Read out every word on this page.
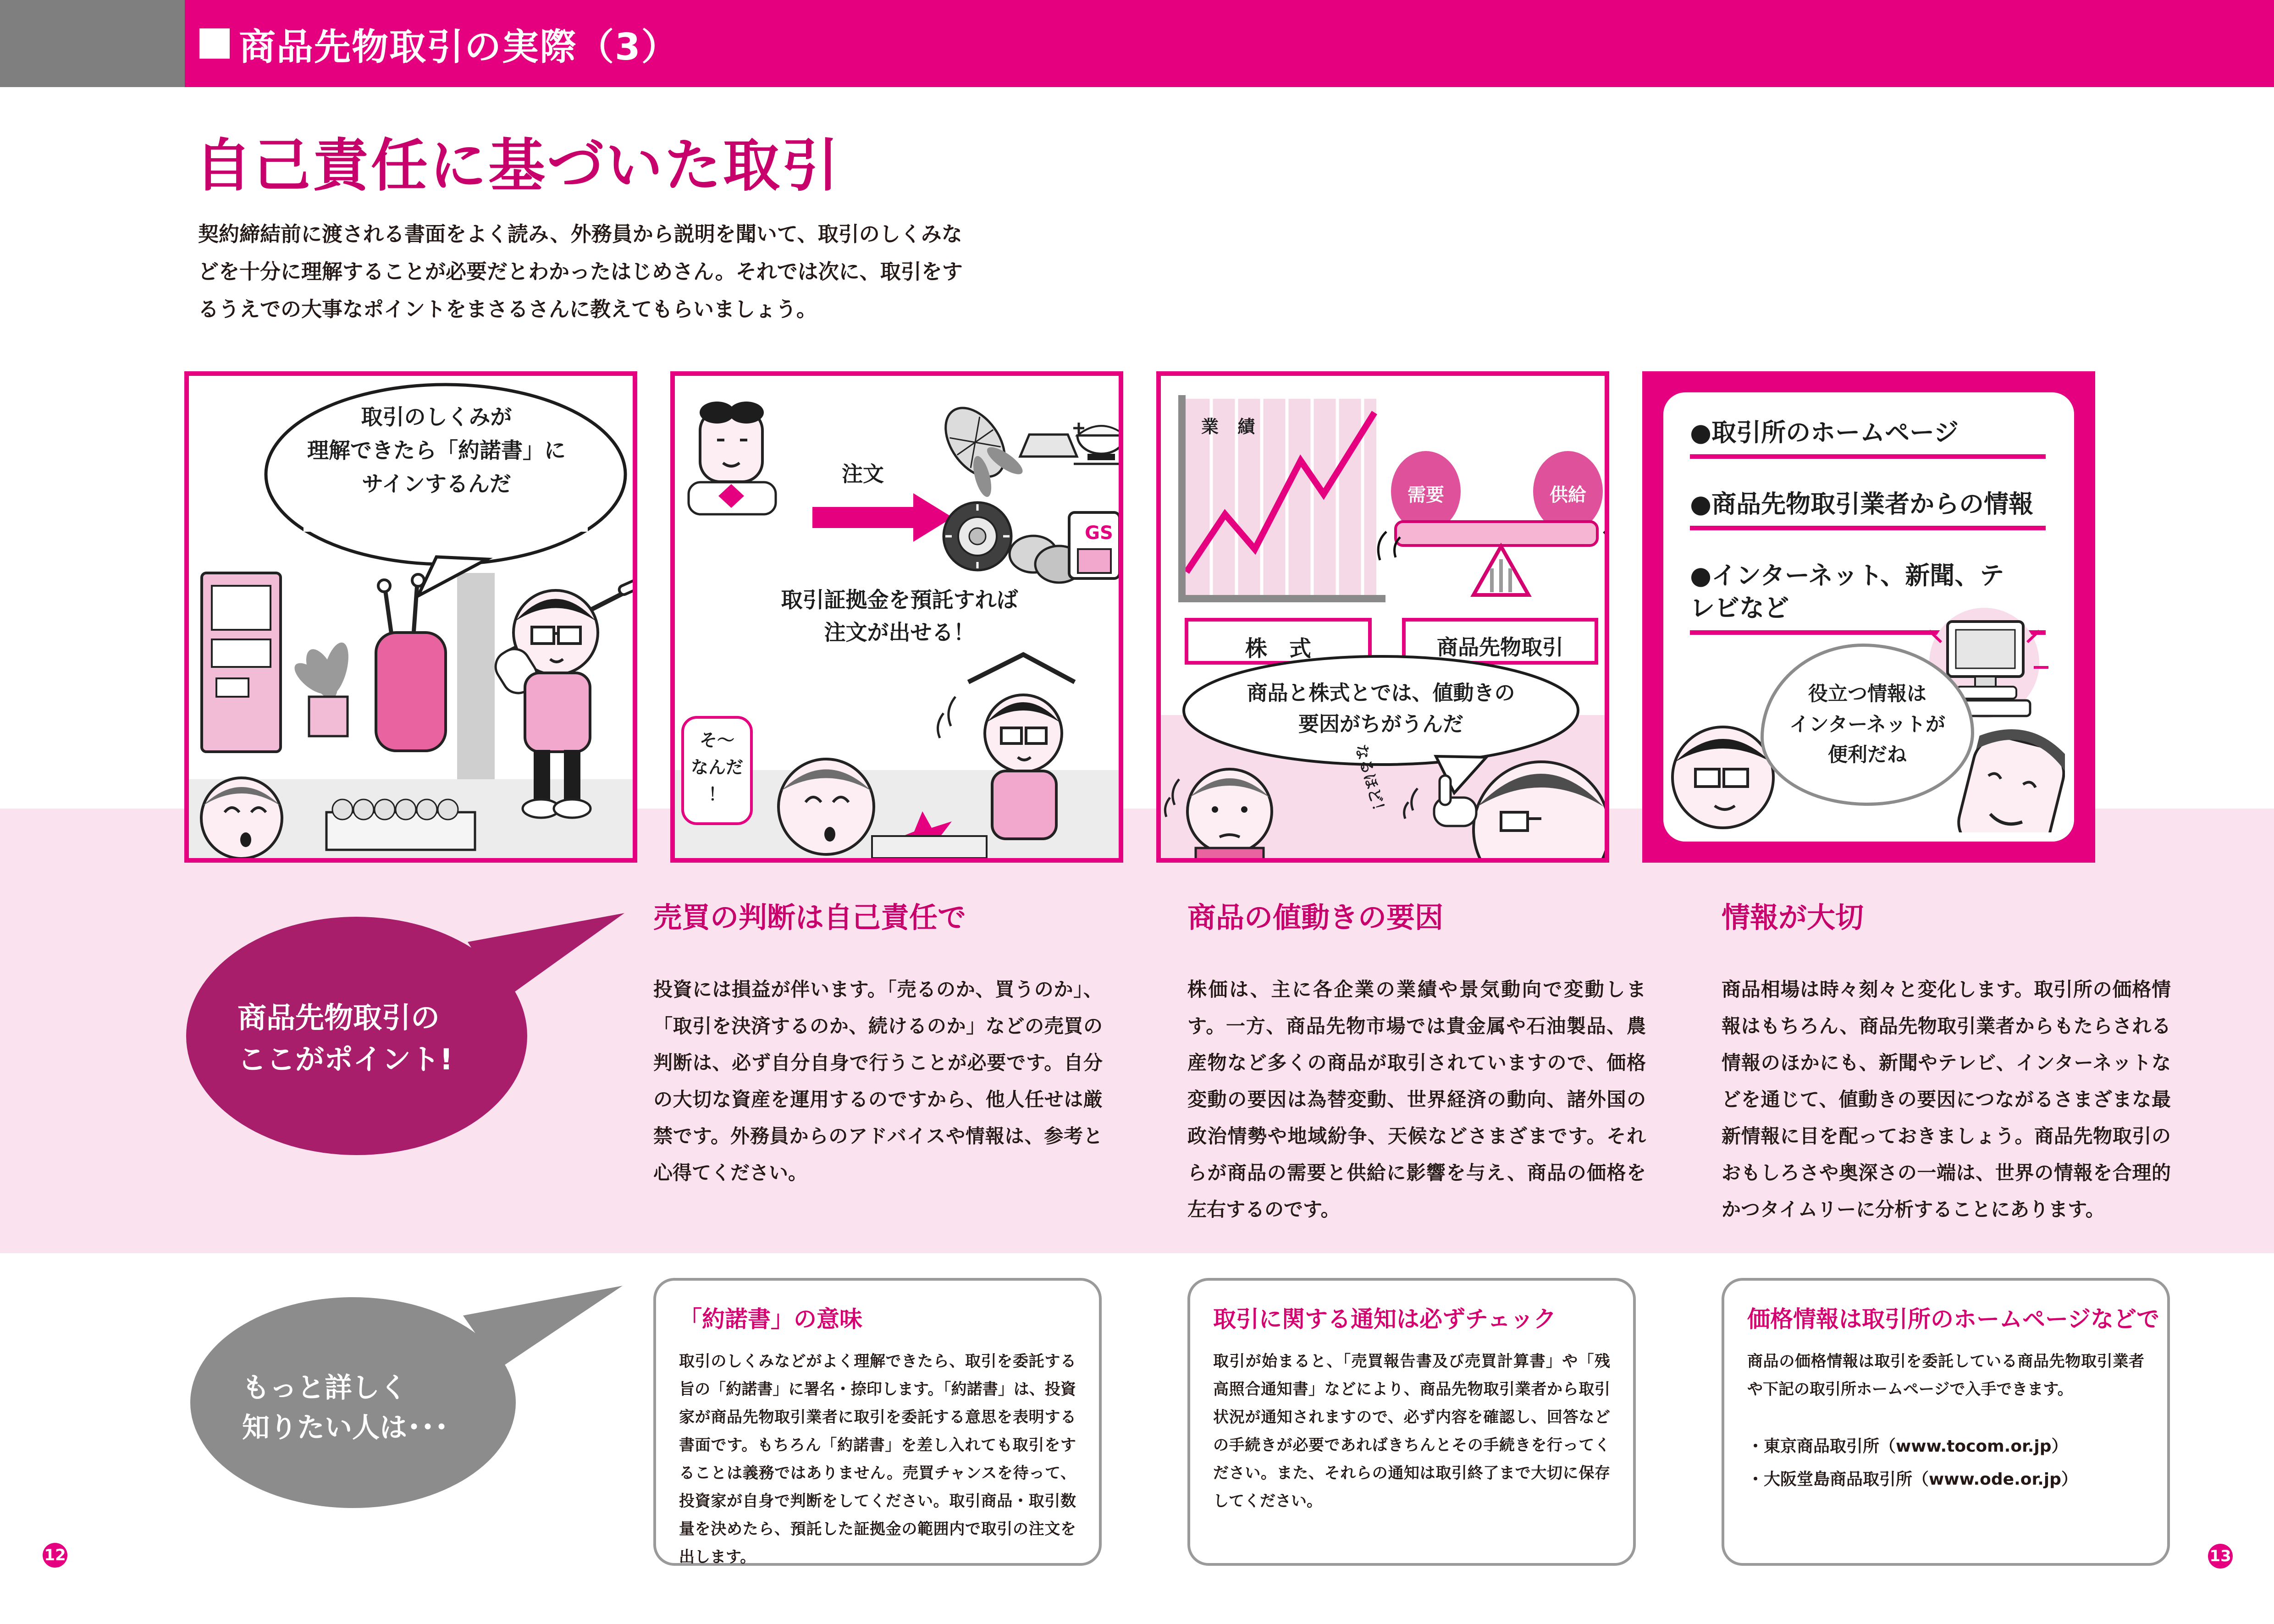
商品先物取引の実際（3）
自己責任に基づいた取引
契約締結前に渡される書面をよく読み、外務員から説明を聞いて、取引のしくみな
どを十分に理解することが必要だとわかったはじめさん。それでは次に、取引をす
るうえでの大事なポイントをまさるさんに教えてもらいましょう。
取引のしくみが
理解できたら「約諾書」に
サインするんだ	注文
GS
取引証拠金を預託すれば
注文が出せる！
そ～
なんだ
！
業 績
株　式
需要	供給
商品先物取引
商品と株式とでは、値動きの
要因がちがうんだ
なるほど！
●取引所のホームページ
●商品先物取引業者からの情報
●インターネット、新聞、テレビなど
役立つ情報は
インターネットが
便利だね
商品先物取引の
ここがポイント!
もっと詳しく
知りたい人は･･･
売買の判断は自己責任で

投資には損益が伴います。「売るのか、買うのか」、「取引を決済するのか、続けるのか」などの売買の判断は、必ず自分自身で行うことが必要です。自分の大切な資産を運用するのですから、他人任せは厳禁です。外務員からのアドバイスや情報は、参考と心得てください。

商品の値動きの要因

株価は、主に各企業の業績や景気動向で変動します。一方、商品先物市場では貴金属や石油製品、農産物など多くの商品が取引されていますので、価格変動の要因は為替変動、世界経済の動向、諸外国の政治情勢や地域紛争、天候などさまざまです。それらが商品の需要と供給に影響を与え、商品の価格を左右するのです。

情報が大切

商品相場は時々刻々と変化します。取引所の価格情報はもちろん、商品先物取引業者からもたらされる情報のほかにも、新聞やテレビ、インターネットなどを通じて、値動きの要因につながるさまざまな最新情報に目を配っておきましょう。商品先物取引のおもしろさや奥深さの一端は、世界の情報を合理的かつタイムリーに分析することにあります。

「約諾書」の意味

取引のしくみなどがよく理解できたら、取引を委託する旨の「約諾書」に署名・捺印します。「約諾書」は、投資家が商品先物取引業者に取引を委託する意思を表明する書面です。もちろん「約諾書」を差し入れても取引をすることは義務ではありません。売買チャンスを待って、投資家が自身で判断をしてください。取引商品・取引数量を決めたら、預託した証拠金の範囲内で取引の注文を出します。

取引に関する通知は必ずチェック

取引が始まると、「売買報告書及び売買計算書」や「残高照合通知書」などにより、商品先物取引業者から取引状況が通知されますので、必ず内容を確認し、回答などの手続きが必要であればきちんとその手続きを行ってください。また、それらの通知は取引終了まで大切に保存してください。

価格情報は取引所のホームページなどで

商品の価格情報は取引を委託している商品先物取引業者や下記の取引所ホームページで入手できます。

・東京商品取引所（www.tocom.or.jp）
・大阪堂島商品取引所（www.ode.or.jp）
12	13
